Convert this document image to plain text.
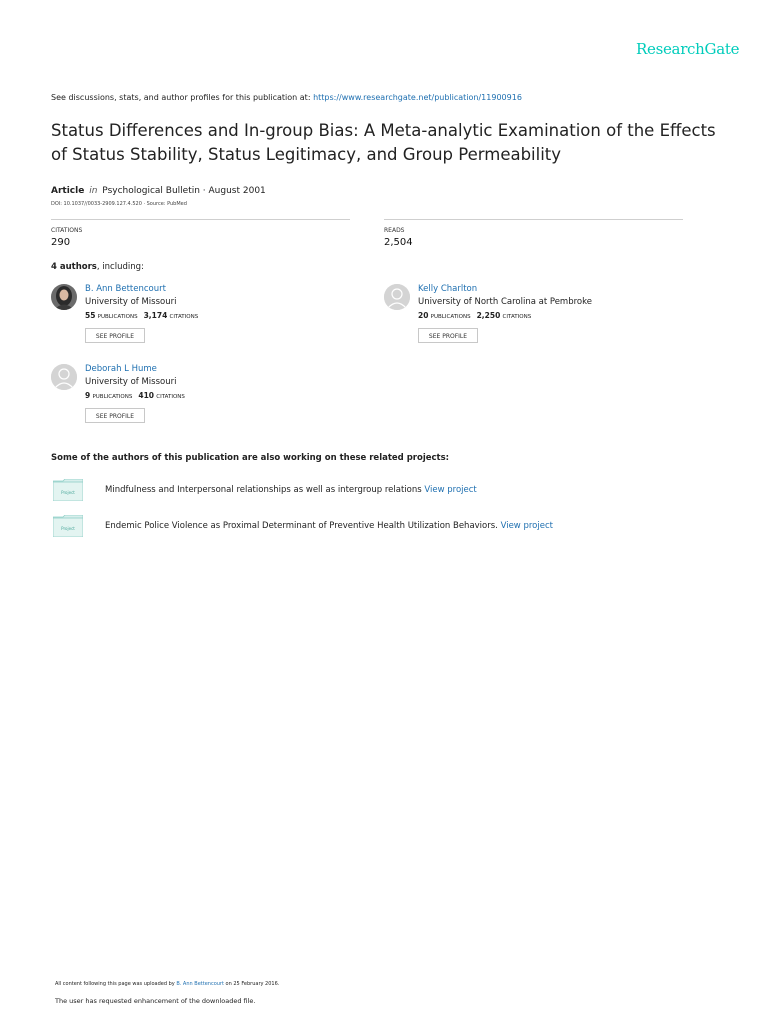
ResearchGate
See discussions, stats, and author profiles for this publication at: https://www.researchgate.net/publication/11900916
Status Differences and In-group Bias: A Meta-analytic Examination of the Effects of Status Stability, Status Legitimacy, and Group Permeability
Article in Psychological Bulletin · August 2001
DOI: 10.1037//0033-2909.127.4.520 · Source: PubMed
CITATIONS
290
READS
2,504
4 authors, including:
B. Ann Bettencourt
University of Missouri
55 PUBLICATIONS 3,174 CITATIONS
SEE PROFILE
Kelly Charlton
University of North Carolina at Pembroke
20 PUBLICATIONS 2,250 CITATIONS
SEE PROFILE
Deborah L Hume
University of Missouri
9 PUBLICATIONS 410 CITATIONS
SEE PROFILE
Some of the authors of this publication are also working on these related projects:
Project	Mindfulness and Interpersonal relationships as well as intergroup relations View project
Project	Endemic Police Violence as Proximal Determinant of Preventive Health Utilization Behaviors. View project
All content following this page was uploaded by B. Ann Bettencourt on 25 February 2016.
The user has requested enhancement of the downloaded file.
